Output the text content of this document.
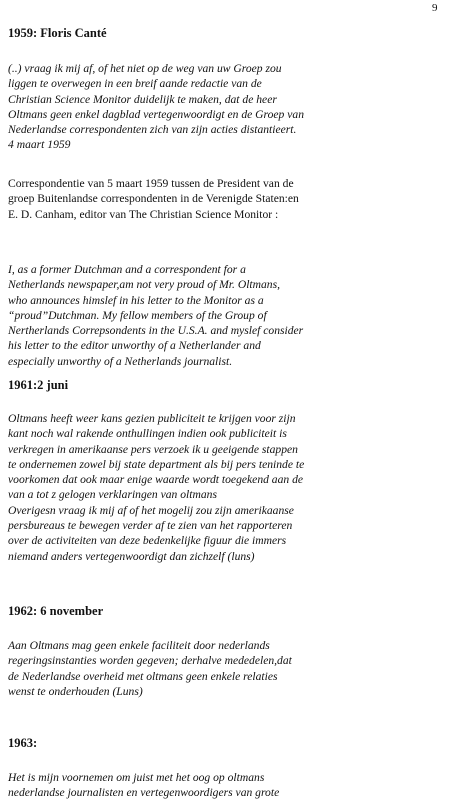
9
1959: Floris Canté
(..) vraag ik mij af, of het niet op de weg van uw Groep zou
liggen te overwegen in een breif aande redactie van de
Christian Science Monitor duidelijk te maken, dat de heer
Oltmans geen enkel dagblad vertegenwoordigt en de Groep van
Nederlandse correspondenten zich van zijn acties distantieert.
4 maart 1959
Correspondentie van 5 maart 1959 tussen de President van de
groep Buitenlandse correspondenten in de Verenigde Staten:en
E. D. Canham, editor van The Christian Science Monitor :
I, as a former Dutchman and a correspondent for a
Netherlands newspaper,am not very proud of Mr. Oltmans,
who announces himslef in his letter to the Monitor as a
“proud”Dutchman. My fellow members of the Group of
Nertherlands Correpsondents in the U.S.A. and myslef consider
his letter to the editor unworthy of a Netherlander and
especially unworthy of a Netherlands journalist.
1961:2 juni
Oltmans heeft weer kans gezien publiciteit te krijgen voor zijn
kant noch wal rakende onthullingen indien ook publiciteit is
verkregen in amerikaanse pers verzoek ik u geeigende stappen
te ondernemen zowel bij state department als bij pers teninde te
voorkomen dat ook maar enige waarde wordt toegekend aan de
van a tot z gelogen verklaringen van oltmans
Overigesn vraag ik mij af of het mogelij zou zijn amerikaanse
persbureaus te bewegen verder af te zien van het rapporteren
over de activiteiten van deze bedenkelijke figuur die immers
niemand anders vertegenwoordigt dan zichzelf (luns)
1962: 6 november
Aan Oltmans mag geen enkele faciliteit door nederlands
regeringsinstanties worden gegeven; derhalve mededelen,dat
de Nederlandse overheid met oltmans geen enkele relaties
wenst te onderhouden (Luns)
1963:
Het is mijn voornemen om juist met het oog op oltmans
nederlandse journalisten en vertegenwoordigers van grote
